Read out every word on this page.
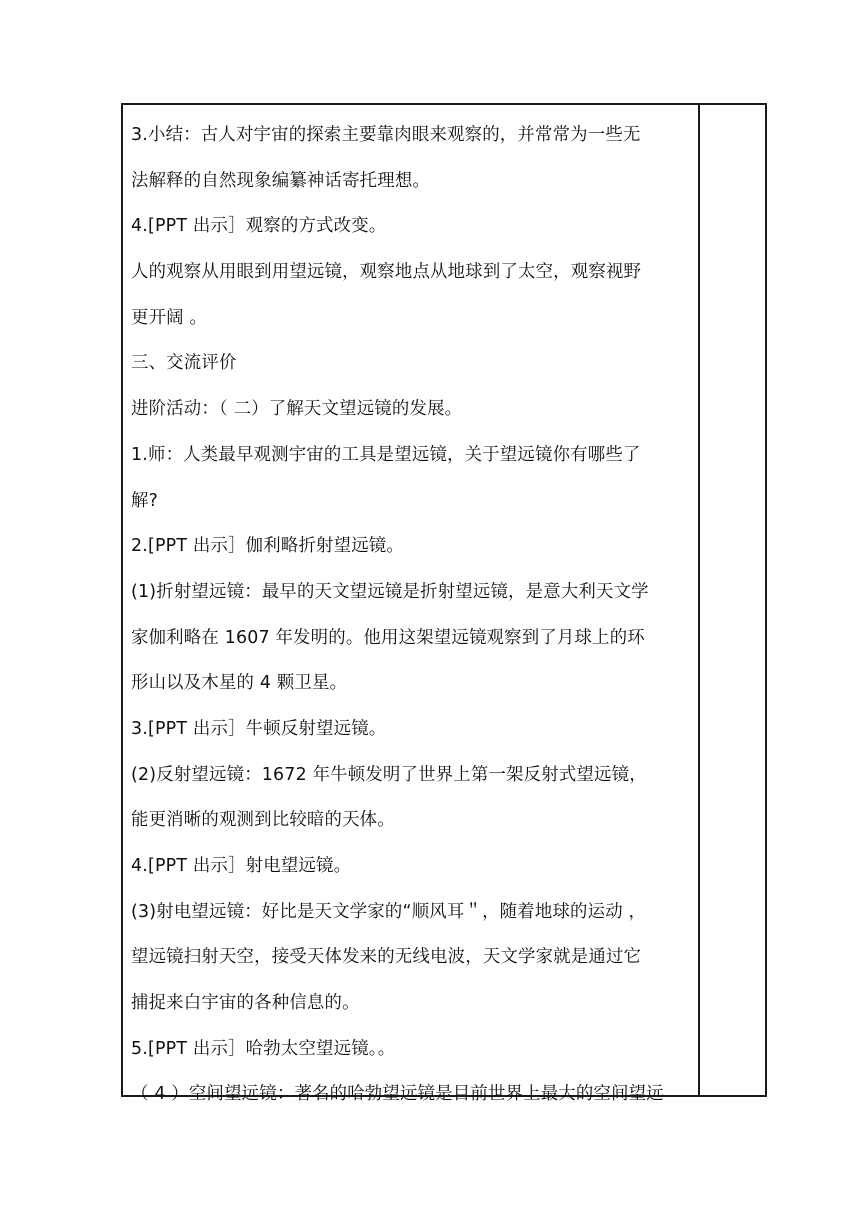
3.小结：古人对宇宙的探索主要靠肉眼来观察的，并常常为一些无
法解释的自然现象编纂神话寄托理想。
4.[PPT 出示］观察的方式改变。
人的观察从用眼到用望远镜，观察地点从地球到了太空，观察视野
更开阔 。
三、交流评价
进阶活动：（ 二）了解天文望远镜的发展。
1.师：人类最早观测宇宙的工具是望远镜，关于望远镜你有哪些了
解?
2.[PPT 出示］伽利略折射望远镜。
(1)折射望远镜：最早的天文望远镜是折射望远镜，是意大利天文学
家伽利略在 1607 年发明的。他用这架望远镜观察到了月球上的环
形山以及木星的 4 颗卫星。
3.[PPT 出示］牛顿反射望远镜。
(2)反射望远镜：1672 年牛顿发明了世界上第一架反射式望远镜，
能更消晰的观测到比较暗的天体。
4.[PPT 出示］射电望远镜。
(3)射电望远镜：好比是天文学家的“顺风耳＂，随着地球的运动 ，
望远镜扫射天空，接受天体发来的无线电波，天文学家就是通过它
捕捉来白宇宙的各种信息的。
5.[PPT 出示］哈勃太空望远镜。。
（ 4 ）空间望远镜：著名的哈勃望远镜是目前世界上最大的空间望远
